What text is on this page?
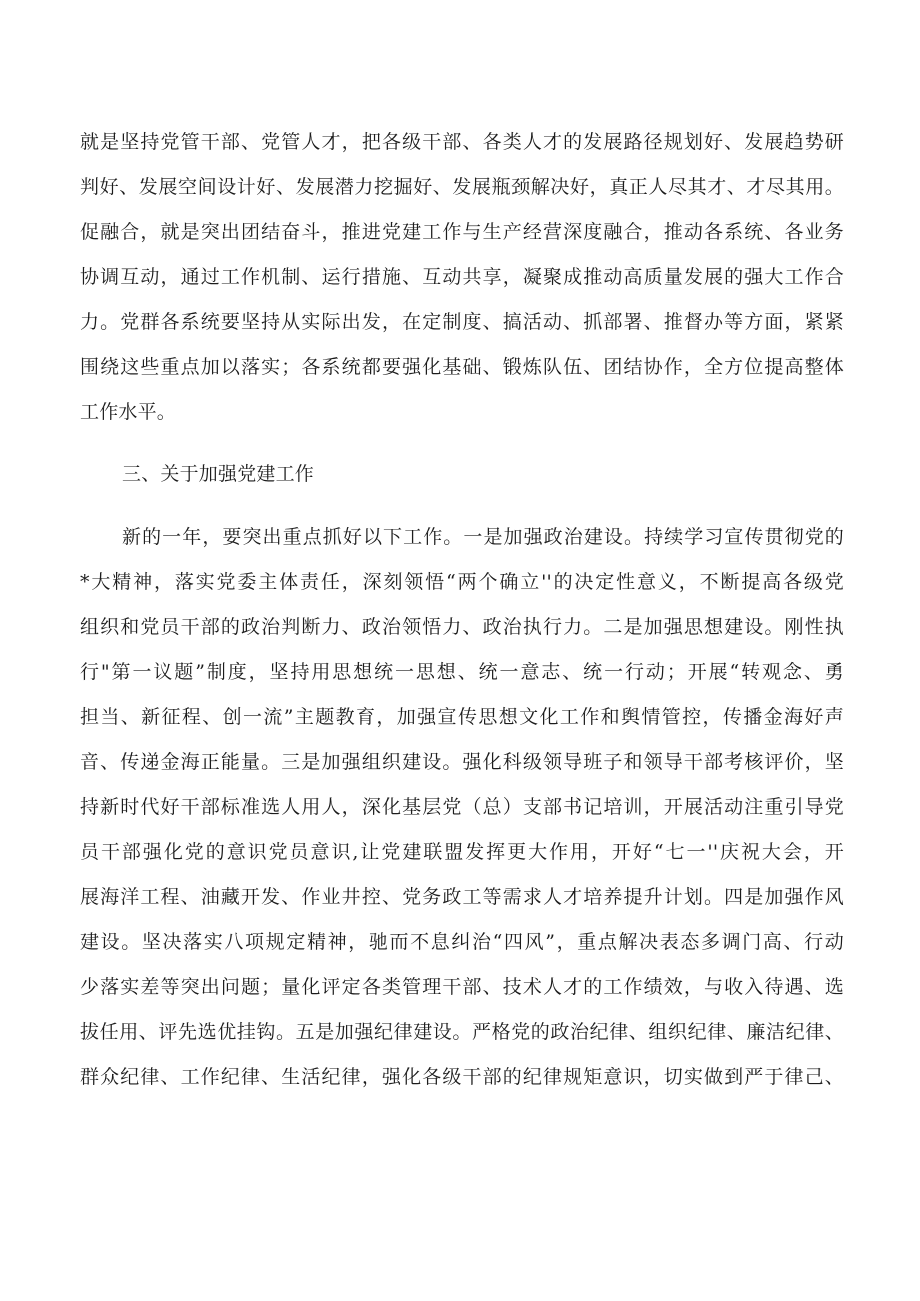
就是坚持党管干部、党管人才，把各级干部、各类人才的发展路径规划好、发展趋势研
判好、发展空间设计好、发展潜力挖掘好、发展瓶颈解决好，真正人尽其才、才尽其用。
促融合，就是突出团结奋斗，推进党建工作与生产经营深度融合，推动各系统、各业务
协调互动，通过工作机制、运行措施、互动共享，凝聚成推动高质量发展的强大工作合
力。党群各系统要坚持从实际出发，在定制度、搞活动、抓部署、推督办等方面，紧紧
围绕这些重点加以落实；各系统都要强化基础、锻炼队伍、团结协作，全方位提高整体
工作水平。
三、关于加强党建工作
新的一年，要突出重点抓好以下工作。一是加强政治建设。持续学习宣传贯彻党的
*大精神，落实党委主体责任，深刻领悟“两个确立''的决定性意义，不断提高各级党
组织和党员干部的政治判断力、政治领悟力、政治执行力。二是加强思想建设。刚性执
行"第一议题”制度，坚持用思想统一思想、统一意志、统一行动；开展“转观念、勇
担当、新征程、创一流”主题教育，加强宣传思想文化工作和舆情管控，传播金海好声
音、传递金海正能量。三是加强组织建设。强化科级领导班子和领导干部考核评价，坚
持新时代好干部标准选人用人，深化基层党（总）支部书记培训，开展活动注重引导党
员干部强化党的意识党员意识,让党建联盟发挥更大作用，开好“七一''庆祝大会，开
展海洋工程、油藏开发、作业井控、党务政工等需求人才培养提升计划。四是加强作风
建设。坚决落实八项规定精神，驰而不息纠治“四风”，重点解决表态多调门高、行动
少落实差等突出问题；量化评定各类管理干部、技术人才的工作绩效，与收入待遇、选
拔任用、评先选优挂钩。五是加强纪律建设。严格党的政治纪律、组织纪律、廉洁纪律、
群众纪律、工作纪律、生活纪律，强化各级干部的纪律规矩意识，切实做到严于律己、
